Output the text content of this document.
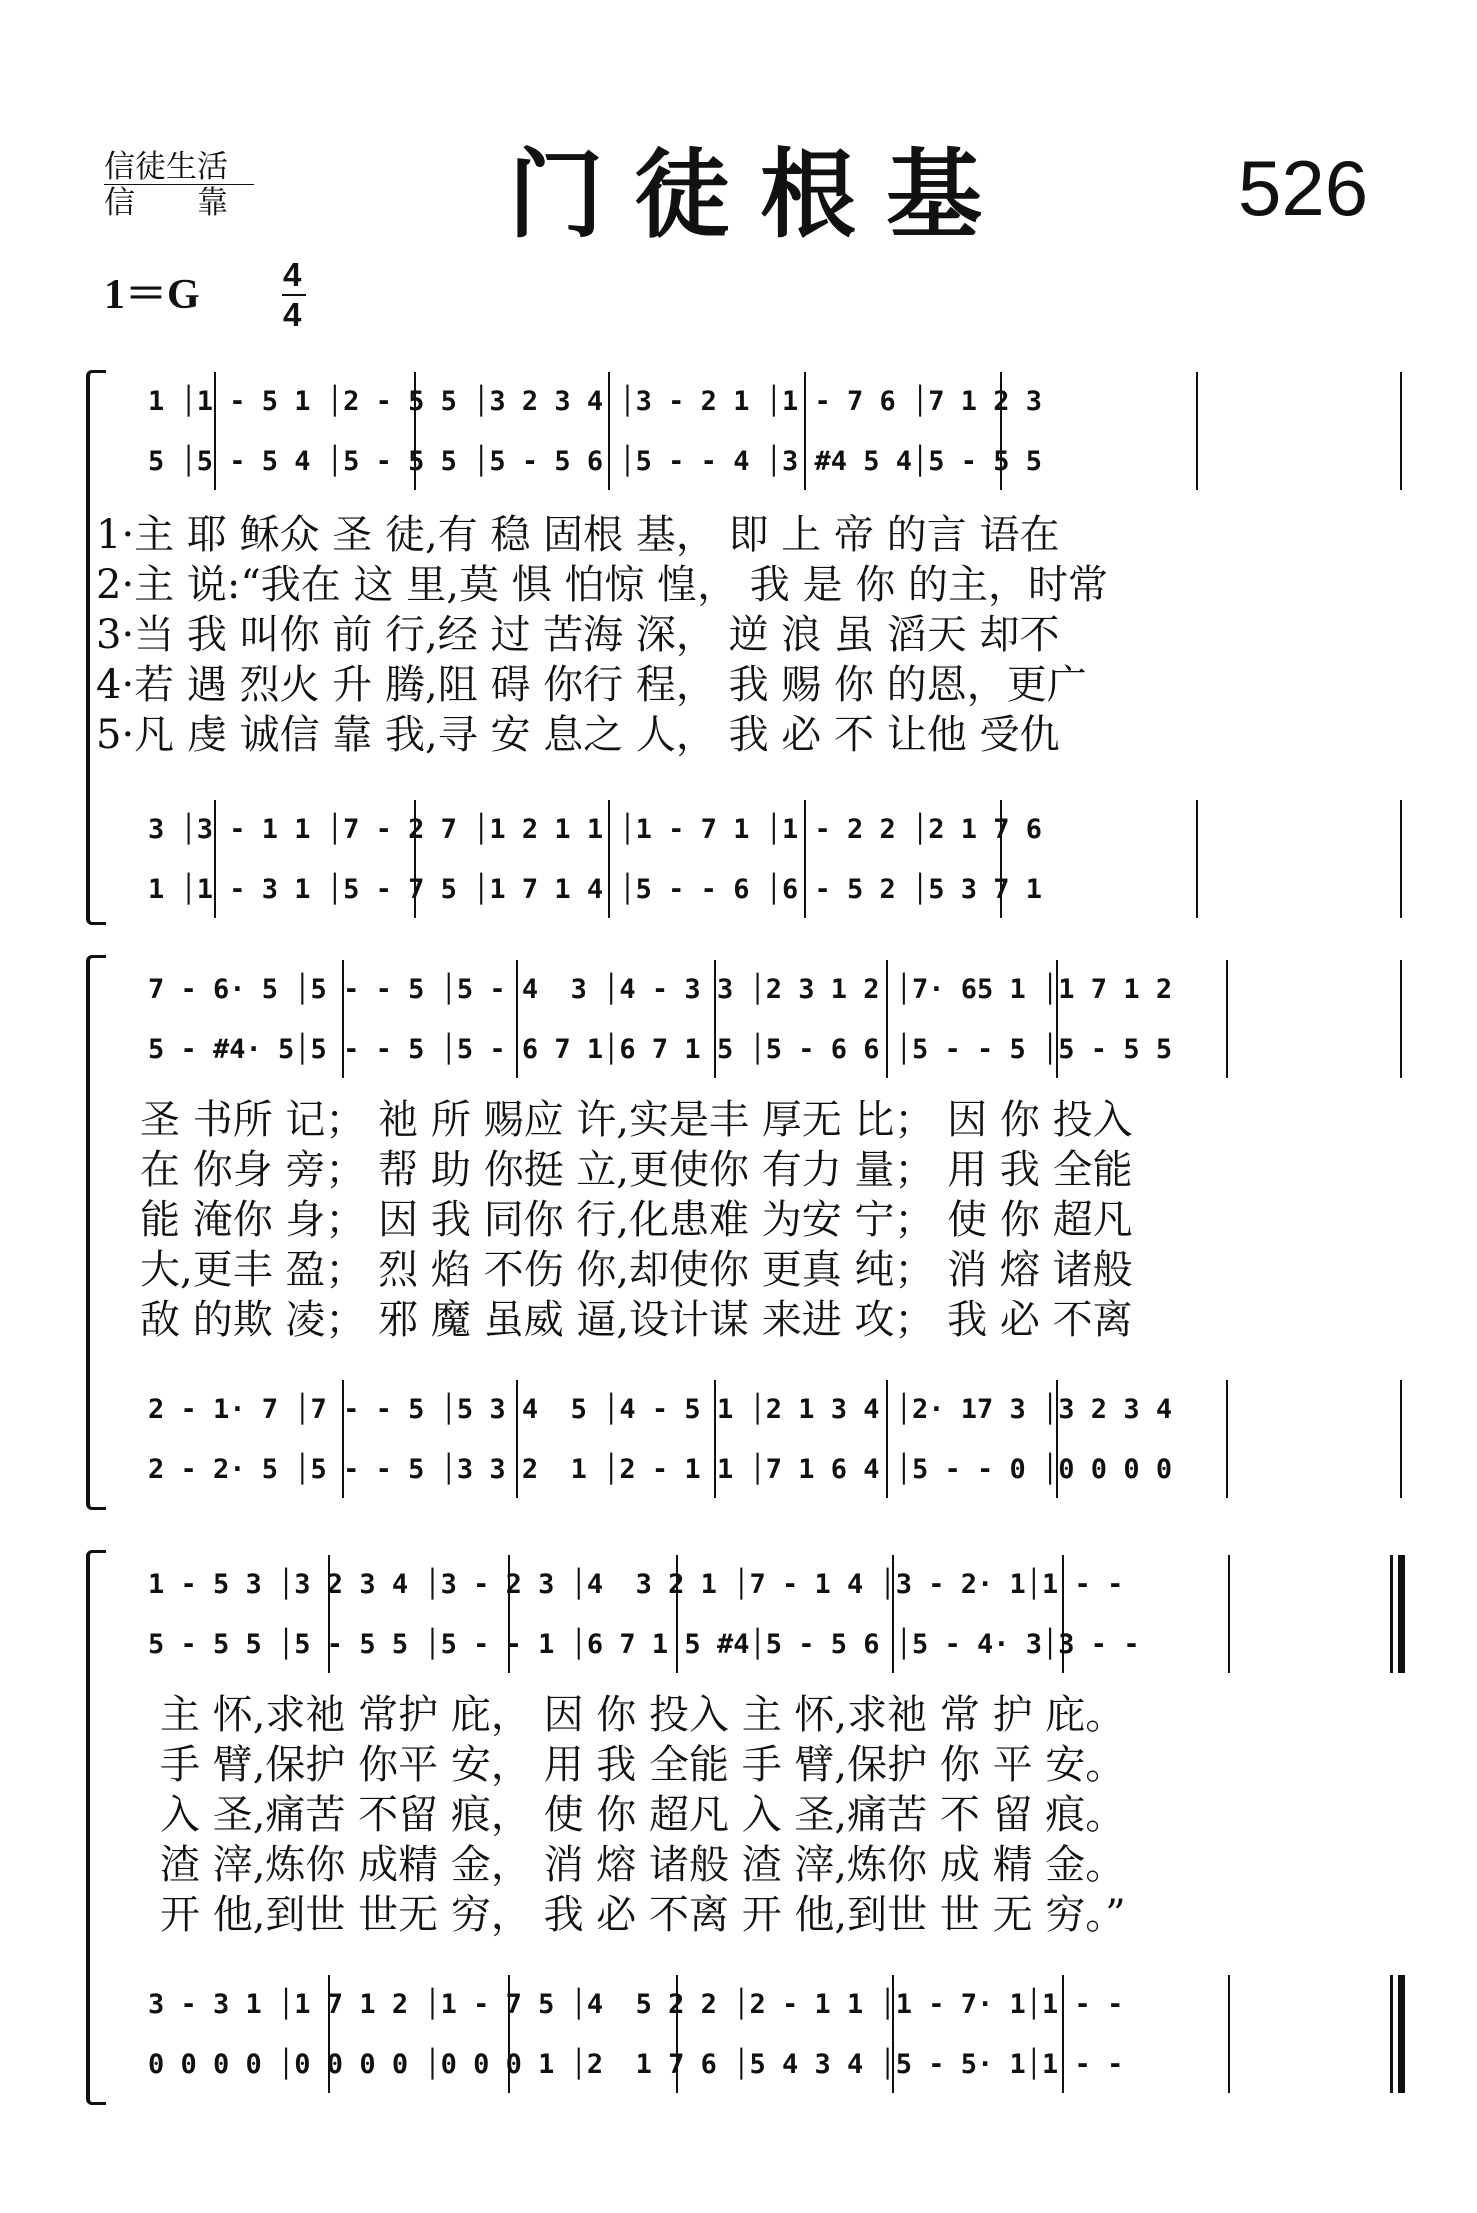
信徒生活
信　　靠	门徒根基	526
1＝G	4
4
1 │1 - 5 1 │2 - 5 5 │3 2 3 4 │3 - 2 1 │1 - 7 6 │7 1 2 3
5 │5 - 5 4 │5 - 5 5 │5 - 5 6 │5 - - 4 │3 #4 5 4│5 - 5 5
1·主 耶 稣众 圣 徒,有 稳 固根 基， 即 上 帝 的言 语在
2·主 说:“我在 这 里,莫 惧 怕惊 惶， 我 是 你 的主，时常
3·当 我 叫你 前 行,经 过 苦海 深， 逆 浪 虽 滔天 却不
4·若 遇 烈火 升 腾,阻 碍 你行 程， 我 赐 你 的恩，更广
5·凡 虔 诚信 靠 我,寻 安 息之 人， 我 必 不 让他 受仇
3 │3 - 1 1 │7 - 2 7 │1 2 1 1 │1 - 7 1 │1 - 2 2 │2 1 7 6
1 │1 - 3 1 │5 - 7 5 │1 7 1 4 │5 - - 6 │6 - 5 2 │5 3 7 1
7 - 6· 5 │5 - - 5 │5 - 4  3 │4 - 3 3 │2 3 1 2 │7· 65 1 │1 7 1 2
5 - #4· 5│5 - - 5 │5 - 6 7 1│6 7 1 5 │5 - 6 6 │5 - - 5 │5 - 5 5
圣 书所 记； 祂 所 赐应 许,实是丰 厚无 比； 因 你 投入
在 你身 旁； 帮 助 你挺 立,更使你 有力 量； 用 我 全能
能 淹你 身； 因 我 同你 行,化患难 为安 宁； 使 你 超凡
大,更丰 盈； 烈 焰 不伤 你,却使你 更真 纯； 消 熔 诸般
敌 的欺 凌； 邪 魔 虽威 逼,设计谋 来进 攻； 我 必 不离
2 - 1· 7 │7 - - 5 │5 3 4  5 │4 - 5 1 │2 1 3 4 │2· 17 3 │3 2 3 4
2 - 2· 5 │5 - - 5 │3 3 2  1 │2 - 1 1 │7 1 6 4 │5 - - 0 │0 0 0 0
1 - 5 3 │3 2 3 4 │3 - 2 3 │4  3 2 1 │7 - 1 4 │3 - 2· 1│1 - -
5 - 5 5 │5 - 5 5 │5 - - 1 │6 7 1 5 #4│5 - 5 6 │5 - 4· 3│3 - -
主 怀,求祂 常护 庇， 因 你 投入 主 怀,求祂 常 护 庇。
手 臂,保护 你平 安， 用 我 全能 手 臂,保护 你 平 安。
入 圣,痛苦 不留 痕， 使 你 超凡 入 圣,痛苦 不 留 痕。
渣 滓,炼你 成精 金， 消 熔 诸般 渣 滓,炼你 成 精 金。
开 他,到世 世无 穷， 我 必 不离 开 他,到世 世 无 穷。”
3 - 3 1 │1 7 1 2 │1 - 7 5 │4  5 2 2 │2 - 1 1 │1 - 7· 1│1 - -
0 0 0 0 │0 0 0 0 │0 0 0 1 │2  1 7 6 │5 4 3 4 │5 - 5· 1│1 - -
